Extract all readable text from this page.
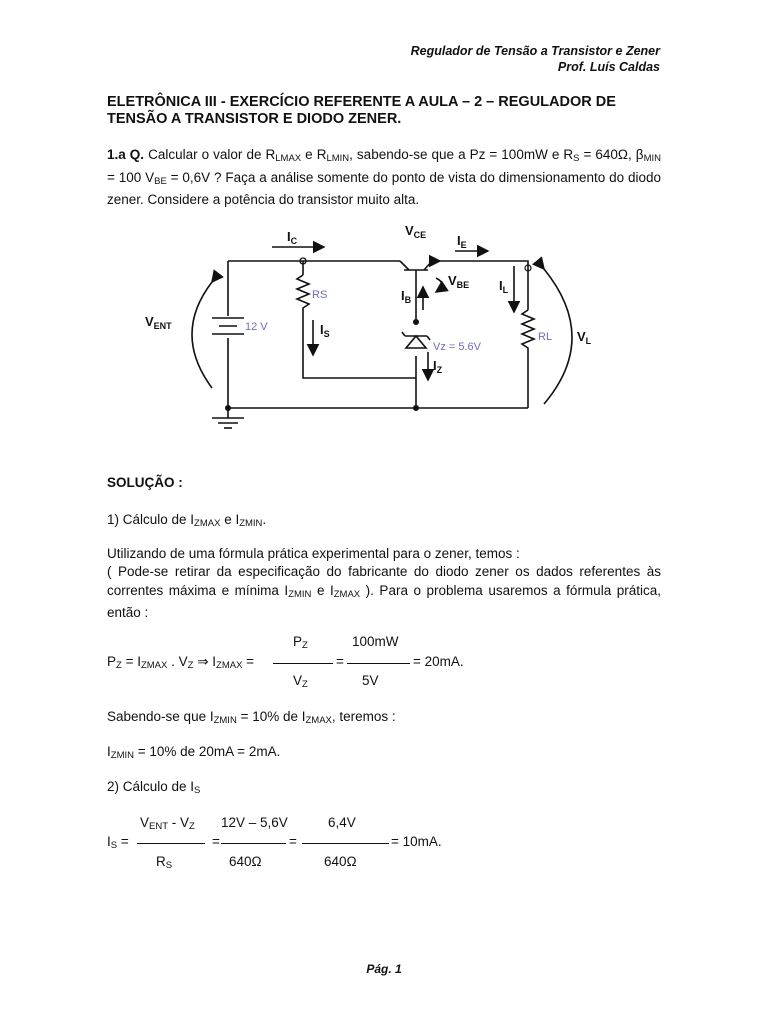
Regulador de Tensão a Transistor e Zener
Prof. Luís Caldas
ELETRÔNICA III - EXERCÍCIO REFERENTE A AULA – 2 – REGULADOR DE TENSÃO A TRANSISTOR E DIODO ZENER.
1.a Q. Calcular o valor de $R_{LMAX}$ e $R_{LMIN}$, sabendo-se que a Pz = 100mW e $R_S = 640\Omega$, $\beta_{MIN} = 100$ $V_{BE} = 0,6V$ ? Faça a análise somente do ponto de vista do dimensionamento do diodo zener. Considere a potência do transistor muito alta.
$I_C$
$V_{CE}$ $I_E$
$V_{BE}$
$I_B$
$I_L$
$I_S$
$I_Z$
$V_{ENT}$
$V_L$
RS
RL
12 V
Vz = 5.6V
SOLUÇÃO :
1) Cálculo de $I_{ZMAX}$ e $I_{ZMIN}$.
Utilizando de uma fórmula prática experimental para o zener, temos :
( Pode-se retirar da especificação do fabricante do diodo zener os dados referentes às correntes máxima e mínima $I_{ZMIN}$ e $I_{ZMAX}$ ). Para o problema usaremos a fórmula prática, então :
$P_Z = I_{ZMAX}$ . $V_Z$ ⇒ $I_{ZMAX}$ =
$P_Z$
$V_Z$
=
100mW
5V
= 20mA.
Sabendo-se que $I_{ZMIN} = 10\%$ de $I_{ZMAX}$, teremos :
$I_{ZMIN} = 10\%$ de 20mA = 2mA.
2) Cálculo de $I_S$
$I_S$ =
$V_{ENT} - V_Z$
$R_S$
=
12V – 5,6V
640Ω
=
6,4V
640Ω
= 10mA.
Pág. 1
